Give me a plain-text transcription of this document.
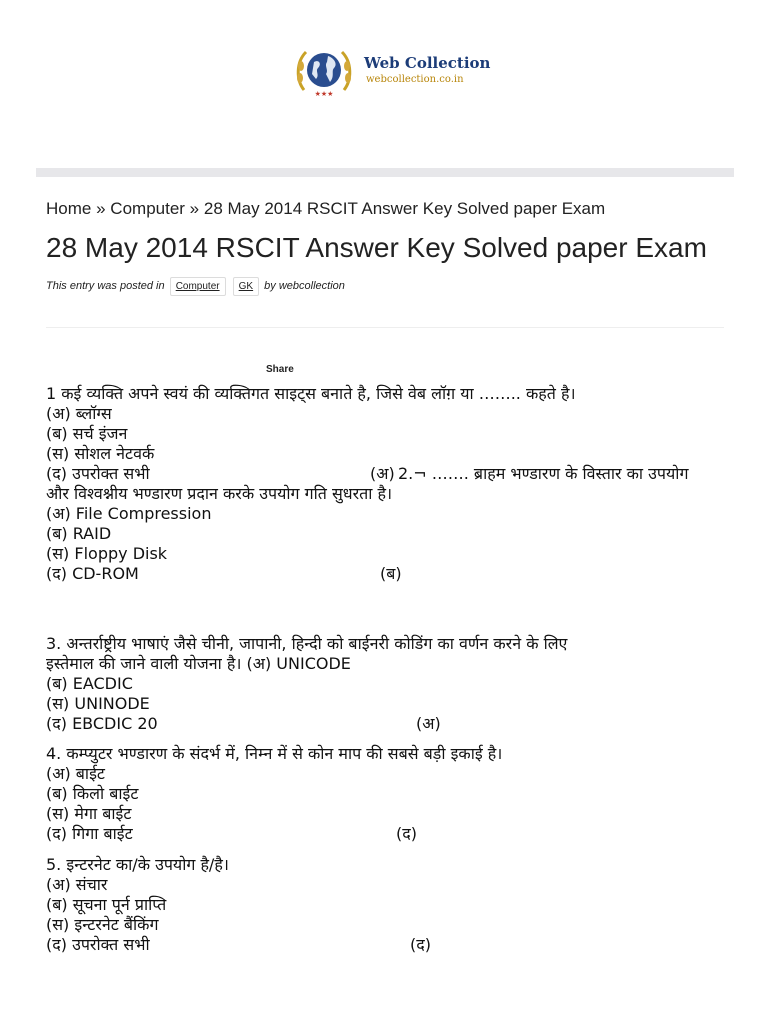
★★★
Web Collection
webcollection.co.in
Home » Computer » 28 May 2014 RSCIT Answer Key Solved paper Exam
28 May 2014 RSCIT Answer Key Solved paper Exam
This entry was posted in Computer GK by webcollection
Share
1 कई व्यक्ति अपने स्वयं की व्यक्तिगत साइट्स बनाते है, जिसे वेब लॉग़ या …….. कहते है।
(अ) ब्लॉग्स
(ब) सर्च इंजन
(स) सोशल नेटवर्क
(द) उपरोक्त सभी	(अ) 2.¬ ……. ब्राहम भण्डारण के विस्तार का उपयोग
और विश्वश्नीय भण्डारण प्रदान करके उपयोग गति सुधरता है।
(अ) File Compression
(ब) RAID
(स) Floppy Disk
(द) CD-ROM	(ब)
3. अन्तर्राष्ट्रीय भाषाएं जैसे चीनी, जापानी, हिन्दी को बाईनरी कोडिंग का वर्णन करने के लिए
इस्तेमाल की जाने वाली योजना है। (अ) UNICODE
(ब) EACDIC
(स) UNINODE
(द) EBCDIC 20	(अ)
4. कम्प्युटर भण्डारण के संदर्भ में, निम्न में से कोन माप की सबसे बड़ी इकाई है।
(अ) बाईट
(ब) किलो बाईट
(स) मेगा बाईट
(द) गिगा बाईट	(द)
5. इन्टरनेट का/के उपयोग है/है।
(अ) संचार
(ब) सूचना पूर्न प्राप्ति
(स) इन्टरनेट बैंकिंग
(द) उपरोक्त सभी	(द)
